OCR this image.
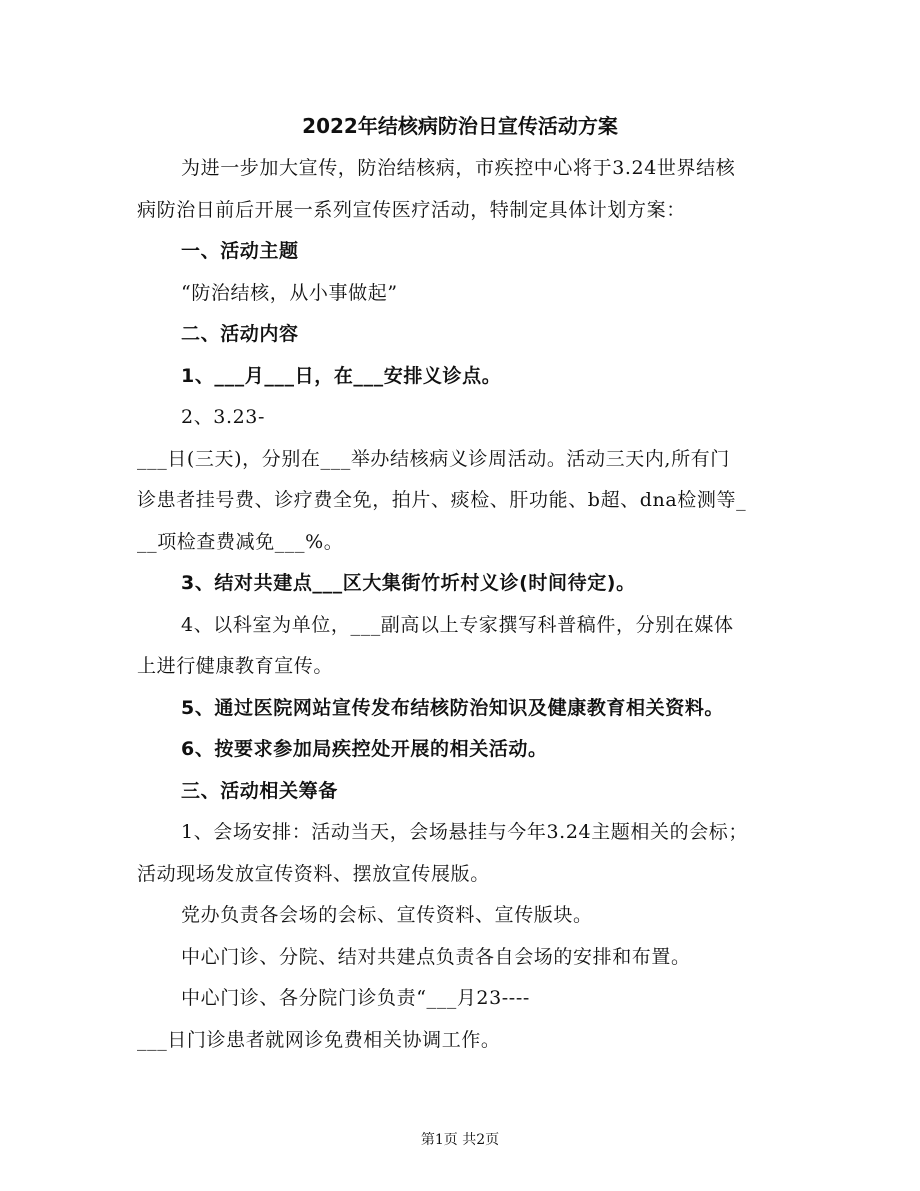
2022年结核病防治日宣传活动方案
为进一步加大宣传，防治结核病，市疾控中心将于3.24世界结核
病防治日前后开展一系列宣传医疗活动，特制定具体计划方案：
一、活动主题
“防治结核，从小事做起”
二、活动内容
1、___月___日，在___安排义诊点。
2、3.23-
___日(三天)，分别在___举办结核病义诊周活动。活动三天内,所有门
诊患者挂号费、诊疗费全免，拍片、痰检、肝功能、b超、dna检测等_
__项检查费减免___%。
3、结对共建点___区大集街竹圻村义诊(时间待定)。
4、以科室为单位，___副高以上专家撰写科普稿件，分别在媒体
上进行健康教育宣传。
5、通过医院网站宣传发布结核防治知识及健康教育相关资料。
6、按要求参加局疾控处开展的相关活动。
三、活动相关筹备
1、会场安排：活动当天，会场悬挂与今年3.24主题相关的会标；
活动现场发放宣传资料、摆放宣传展版。
党办负责各会场的会标、宣传资料、宣传版块。
中心门诊、分院、结对共建点负责各自会场的安排和布置。
中心门诊、各分院门诊负责“___月23----
___日门诊患者就网诊免费相关协调工作。
第1页 共2页
